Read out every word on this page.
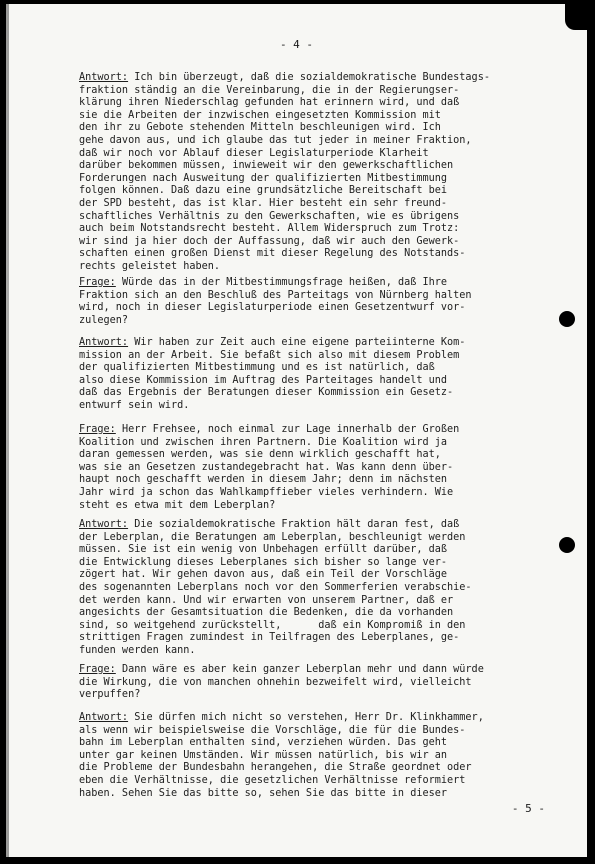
- 4 -
Antwort: Ich bin überzeugt, daß die sozialdemokratische Bundestags-
fraktion ständig an die Vereinbarung, die in der Regierungser-
klärung ihren Niederschlag gefunden hat erinnern wird, und daß
sie die Arbeiten der inzwischen eingesetzten Kommission mit
den ihr zu Gebote stehenden Mitteln beschleunigen wird. Ich
gehe davon aus, und ich glaube das tut jeder in meiner Fraktion,
daß wir noch vor Ablauf dieser Legislaturperiode Klarheit
darüber bekommen müssen, inwieweit wir den gewerkschaftlichen
Forderungen nach Ausweitung der qualifizierten Mitbestimmung
folgen können. Daß dazu eine grundsätzliche Bereitschaft bei
der SPD besteht, das ist klar. Hier besteht ein sehr freund-
schaftliches Verhältnis zu den Gewerkschaften, wie es übrigens
auch beim Notstandsrecht besteht. Allem Widerspruch zum Trotz:
wir sind ja hier doch der Auffassung, daß wir auch den Gewerk-
schaften einen großen Dienst mit dieser Regelung des Notstands-
rechts geleistet haben.
Frage: Würde das in der Mitbestimmungsfrage heißen, daß Ihre
Fraktion sich an den Beschluß des Parteitags von Nürnberg halten
wird, noch in dieser Legislaturperiode einen Gesetzentwurf vor-
zulegen?
Antwort: Wir haben zur Zeit auch eine eigene parteiinterne Kom-
mission an der Arbeit. Sie befaßt sich also mit diesem Problem
der qualifizierten Mitbestimmung und es ist natürlich, daß
also diese Kommission im Auftrag des Parteitages handelt und
daß das Ergebnis der Beratungen dieser Kommission ein Gesetz-
entwurf sein wird.
Frage: Herr Frehsee, noch einmal zur Lage innerhalb der Großen
Koalition und zwischen ihren Partnern. Die Koalition wird ja
daran gemessen werden, was sie denn wirklich geschafft hat,
was sie an Gesetzen zustandegebracht hat. Was kann denn über-
haupt noch geschafft werden in diesem Jahr; denn im nächsten
Jahr wird ja schon das Wahlkampffieber vieles verhindern. Wie
steht es etwa mit dem Leberplan?
Antwort: Die sozialdemokratische Fraktion hält daran fest, daß
der Leberplan, die Beratungen am Leberplan, beschleunigt werden
müssen. Sie ist ein wenig von Unbehagen erfüllt darüber, daß
die Entwicklung dieses Leberplanes sich bisher so lange ver-
zögert hat. Wir gehen davon aus, daß ein Teil der Vorschläge
des sogenannten Leberplans noch vor den Sommerferien verabschie-
det werden kann. Und wir erwarten von unserem Partner, daß er
angesichts der Gesamtsituation die Bedenken, die da vorhanden
sind, so weitgehend zurückstellt,      daß ein Kompromiß in den
strittigen Fragen zumindest in Teilfragen des Leberplanes, ge-
funden werden kann.
Frage: Dann wäre es aber kein ganzer Leberplan mehr und dann würde
die Wirkung, die von manchen ohnehin bezweifelt wird, vielleicht
verpuffen?
Antwort: Sie dürfen mich nicht so verstehen, Herr Dr. Klinkhammer,
als wenn wir beispielsweise die Vorschläge, die für die Bundes-
bahn im Leberplan enthalten sind, verziehen würden. Das geht
unter gar keinen Umständen. Wir müssen natürlich, bis wir an
die Probleme der Bundesbahn herangehen, die Straße geordnet oder
eben die Verhältnisse, die gesetzlichen Verhältnisse reformiert
haben. Sehen Sie das bitte so, sehen Sie das bitte in dieser
- 5 -
